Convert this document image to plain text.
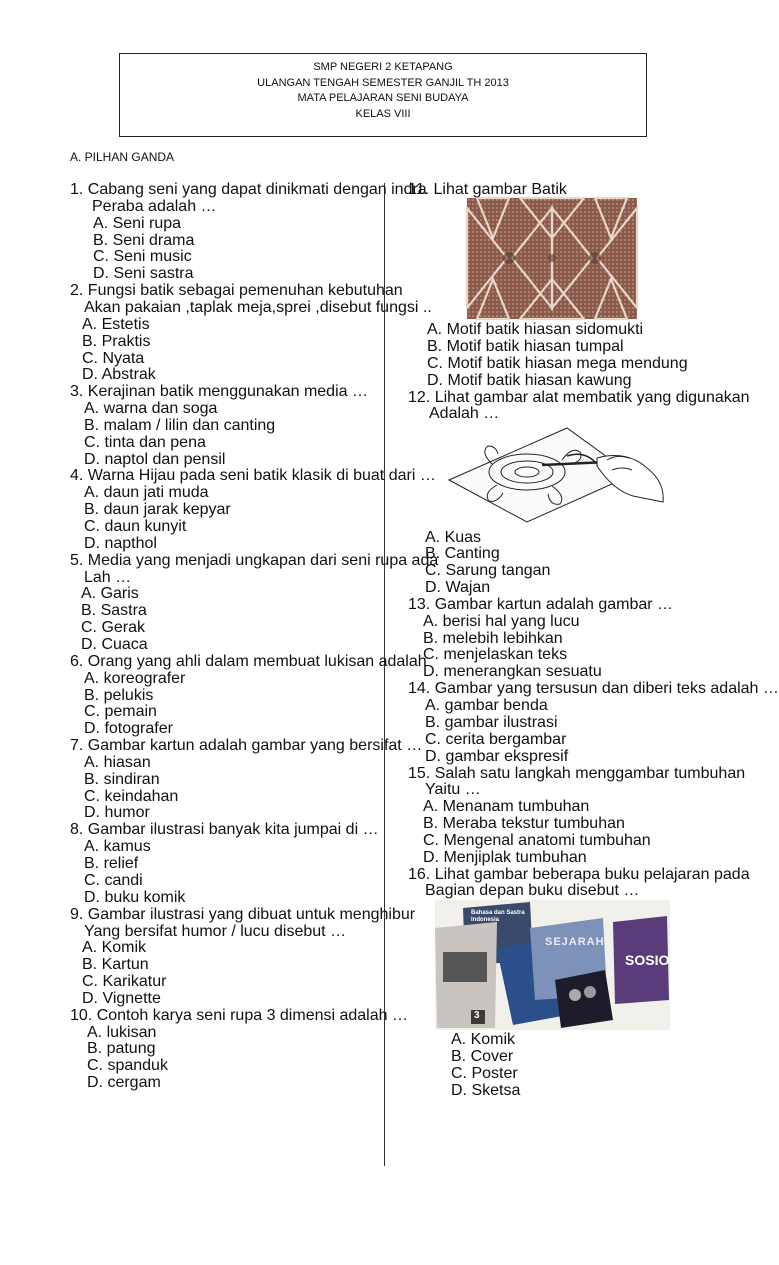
SMP NEGERI 2 KETAPANG
ULANGAN TENGAH SEMESTER GANJIL TH 2013
MATA PELAJARAN SENI BUDAYA
KELAS VIII
A. PILHAN GANDA
Bahasa dan Sastra Indonesia
SEJARAH
SOSIOL
3
1. Cabang seni yang dapat dinikmati dengan indra
Peraba adalah …
A. Seni rupa
B. Seni drama
C. Seni music
D. Seni sastra
2. Fungsi batik sebagai pemenuhan kebutuhan
Akan pakaian ,taplak meja,sprei ,disebut fungsi ..
A. Estetis
B. Praktis
C. Nyata
D. Abstrak
3. Kerajinan batik menggunakan media …
A. warna dan soga
B. malam / lilin dan canting
C. tinta dan pena
D. naptol dan pensil
4. Warna Hijau pada seni batik klasik di buat dari …
A. daun jati muda
B. daun jarak kepyar
C. daun kunyit
D. napthol
5. Media yang menjadi ungkapan dari seni rupa ada
Lah …
A. Garis
B. Sastra
C. Gerak
D. Cuaca
6. Orang yang ahli dalam membuat lukisan adalah
A. koreografer
B. pelukis
C. pemain
D. fotografer
7. Gambar kartun adalah gambar yang bersifat …
A. hiasan
B. sindiran
C. keindahan
D. humor
8. Gambar ilustrasi banyak kita jumpai di …
A. kamus
B. relief
C. candi
D. buku komik
9. Gambar ilustrasi yang dibuat untuk menghibur
Yang bersifat humor / lucu disebut …
A. Komik
B. Kartun
C. Karikatur
D. Vignette
10. Contoh karya seni rupa 3 dimensi adalah …
A. lukisan
B. patung
C. spanduk
D. cergam
11. Lihat gambar Batik
A. Motif batik hiasan sidomukti
B. Motif batik hiasan tumpal
C. Motif batik hiasan mega mendung
D. Motif batik hiasan kawung
12. Lihat gambar alat membatik yang digunakan
Adalah …
A. Kuas
B. Canting
C. Sarung tangan
D. Wajan
13. Gambar kartun adalah gambar …
A. berisi hal yang lucu
B. melebih lebihkan
C. menjelaskan teks
D. menerangkan sesuatu
14. Gambar yang tersusun dan diberi teks adalah …
A. gambar benda
B. gambar ilustrasi
C. cerita bergambar
D. gambar ekspresif
15. Salah satu langkah menggambar tumbuhan
Yaitu …
A. Menanam tumbuhan
B. Meraba tekstur tumbuhan
C. Mengenal anatomi tumbuhan
D. Menjiplak tumbuhan
16. Lihat gambar beberapa buku pelajaran pada
Bagian depan buku disebut …
A. Komik
B. Cover
C. Poster
D. Sketsa
